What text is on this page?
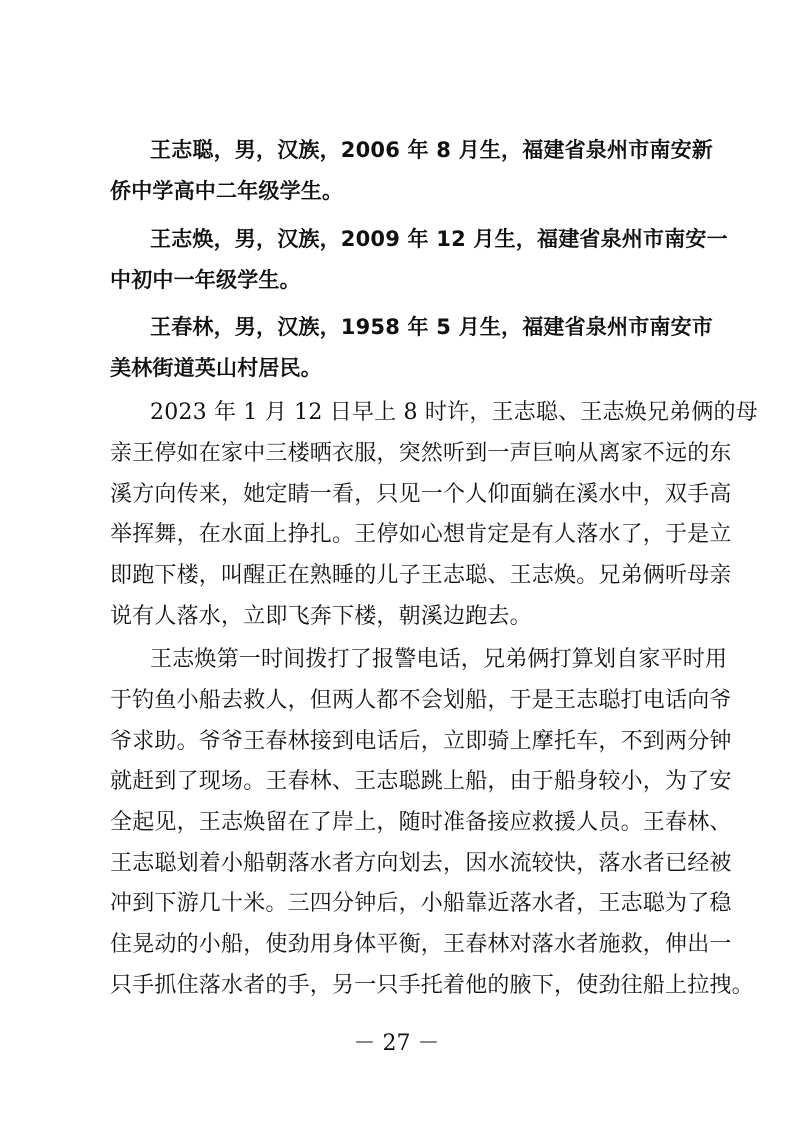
王志聪，男，汉族，2006 年 8 月生，福建省泉州市南安新
侨中学高中二年级学生。
王志焕，男，汉族，2009 年 12 月生，福建省泉州市南安一
中初中一年级学生。
王春林，男，汉族，1958 年 5 月生，福建省泉州市南安市
美林街道英山村居民。
2023 年 1 月 12 日早上 8 时许，王志聪、王志焕兄弟俩的母
亲王停如在家中三楼晒衣服，突然听到一声巨响从离家不远的东
溪方向传来，她定睛一看，只见一个人仰面躺在溪水中，双手高
举挥舞，在水面上挣扎。王停如心想肯定是有人落水了，于是立
即跑下楼，叫醒正在熟睡的儿子王志聪、王志焕。兄弟俩听母亲
说有人落水，立即飞奔下楼，朝溪边跑去。
王志焕第一时间拨打了报警电话，兄弟俩打算划自家平时用
于钓鱼小船去救人，但两人都不会划船，于是王志聪打电话向爷
爷求助。爷爷王春林接到电话后，立即骑上摩托车，不到两分钟
就赶到了现场。王春林、王志聪跳上船，由于船身较小，为了安
全起见，王志焕留在了岸上，随时准备接应救援人员。王春林、
王志聪划着小船朝落水者方向划去，因水流较快，落水者已经被
冲到下游几十米。三四分钟后，小船靠近落水者，王志聪为了稳
住晃动的小船，使劲用身体平衡，王春林对落水者施救，伸出一
只手抓住落水者的手，另一只手托着他的腋下，使劲往船上拉拽。
－ 27 －
